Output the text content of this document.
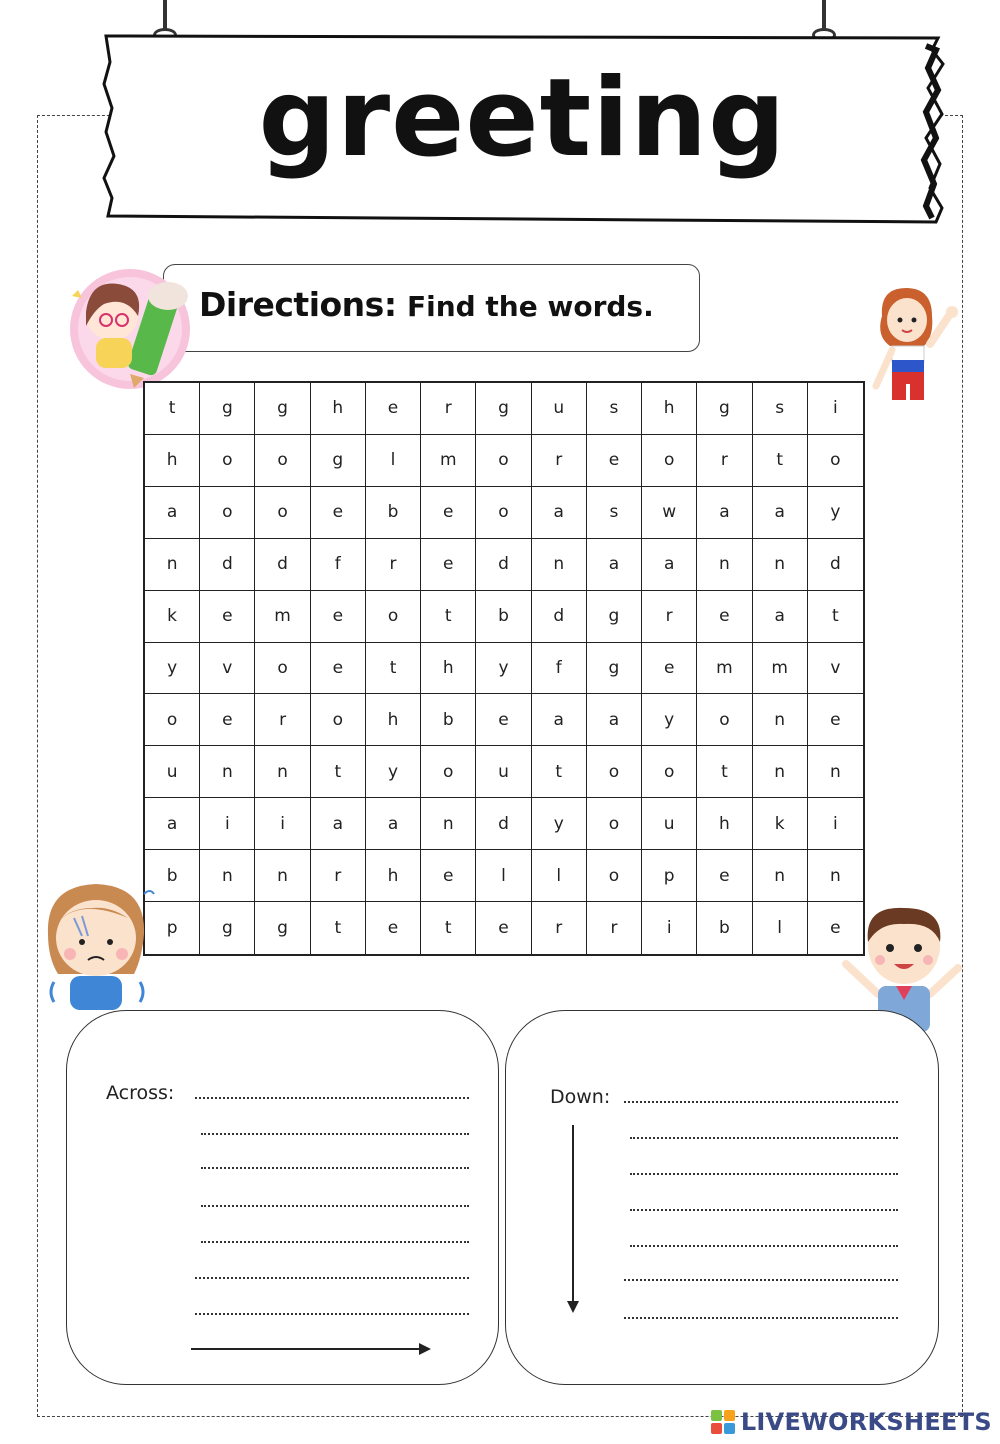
greeting
Directions: Find the words.
t	g	g	h	e	r	g	u	s	h	g	s	i
h	o	o	g	l	m	o	r	e	o	r	t	o
a	o	o	e	b	e	o	a	s	w	a	a	y
n	d	d	f	r	e	d	n	a	a	n	n	d
k	e	m	e	o	t	b	d	g	r	e	a	t
y	v	o	e	t	h	y	f	g	e	m	m	v
o	e	r	o	h	b	e	a	a	y	o	n	e
u	n	n	t	y	o	u	t	o	o	t	n	n
a	i	i	a	a	n	d	y	o	u	h	k	i
b	n	n	r	h	e	l	l	o	p	e	n	n
p	g	g	t	e	t	e	r	r	i	b	l	e
Across:	Down:
LIVEWORKSHEETS
